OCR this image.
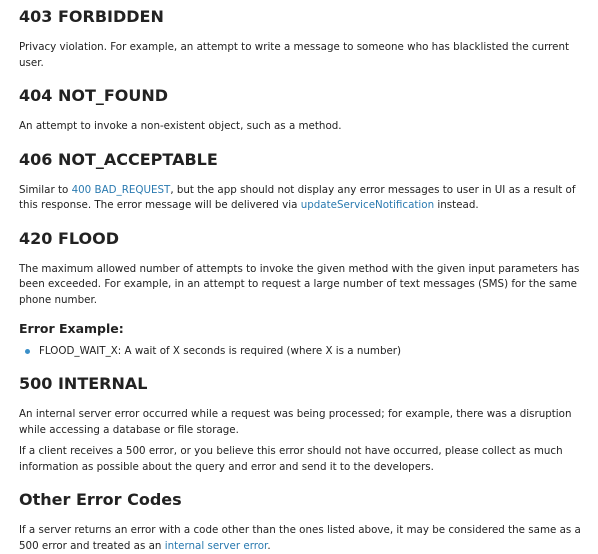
403 FORBIDDEN

Privacy violation. For example, an attempt to write a message to someone who has blacklisted the current user.

404 NOT_FOUND

An attempt to invoke a non-existent object, such as a method.

406 NOT_ACCEPTABLE

Similar to 400 BAD_REQUEST, but the app should not display any error messages to user in UI as a result of this response. The error message will be delivered via updateServiceNotification instead.

420 FLOOD

The maximum allowed number of attempts to invoke the given method with the given input parameters has been exceeded. For example, in an attempt to request a large number of text messages (SMS) for the same phone number.

Error Example:
FLOOD_WAIT_X: A wait of X seconds is required (where X is a number)
500 INTERNAL

An internal server error occurred while a request was being processed; for example, there was a disruption while accessing a database or file storage.

If a client receives a 500 error, or you believe this error should not have occurred, please collect as much information as possible about the query and error and send it to the developers.

Other Error Codes

If a server returns an error with a code other than the ones listed above, it may be considered the same as a 500 error and treated as an internal server error.
